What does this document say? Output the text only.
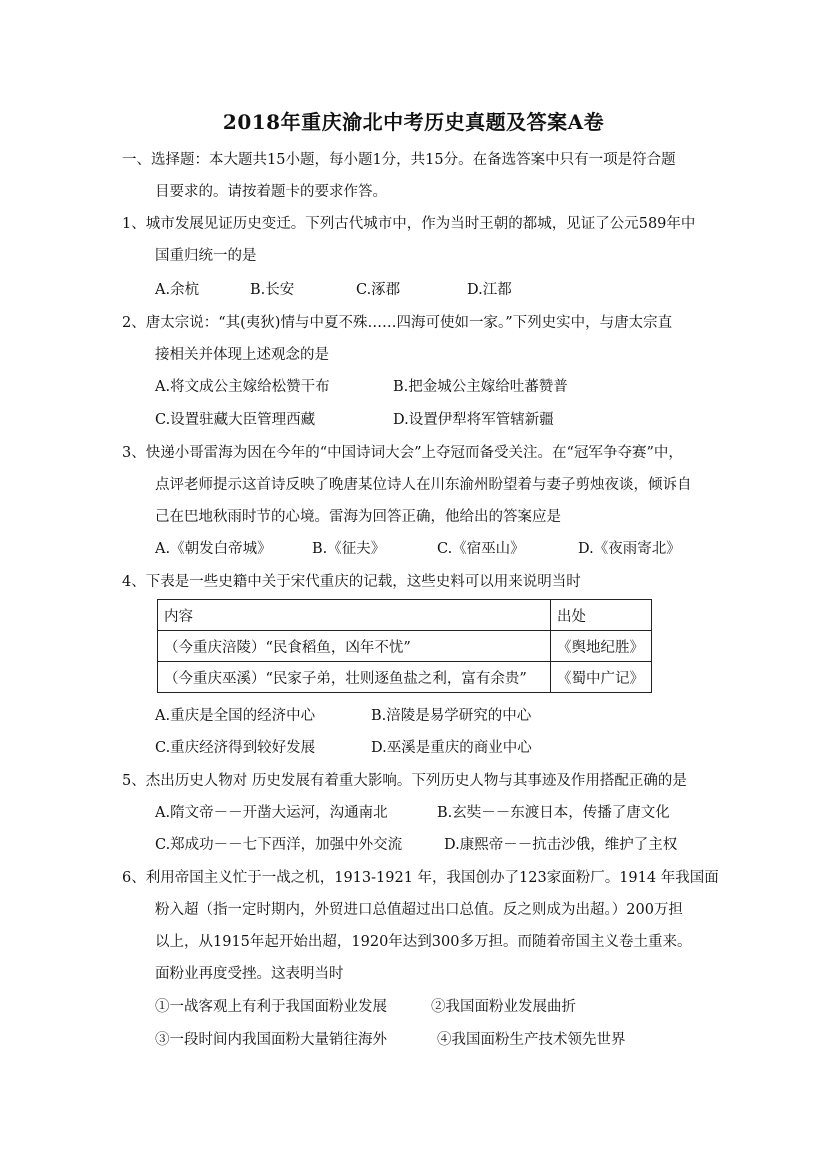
2018年重庆渝北中考历史真题及答案A卷
一、选择题：本大题共15小题，每小题1分，共15分。在备选答案中只有一项是符合题
目要求的。请按着题卡的要求作答。
1、城市发展见证历史变迁。下列古代城市中，作为当时王朝的都城，见证了公元589年中
国重归统一的是
A.余杭	B.长安	C.涿郡	D.江都
2、唐太宗说：“其(夷狄)情与中夏不殊……四海可使如一家。”下列史实中，与唐太宗直
接相关并体现上述观念的是
A.将文成公主嫁给松赞干布	B.把金城公主嫁给吐蕃赞普
C.设置驻藏大臣管理西藏	D.设置伊犁将军管辖新疆
3、快递小哥雷海为因在今年的“中国诗词大会”上夺冠而备受关注。在“冠军争夺赛”中，
点评老师提示这首诗反映了晚唐某位诗人在川东渝州盼望着与妻子剪烛夜谈，倾诉自
己在巴地秋雨时节的心境。雷海为回答正确，他给出的答案应是
A.《朝发白帝城》	B.《征夫》	C.《宿巫山》	D.《夜雨寄北》
4、下表是一些史籍中关于宋代重庆的记载，这些史料可以用来说明当时
内容	出处
（今重庆涪陵）“民食稻鱼，凶年不忧”	《舆地纪胜》
（今重庆巫溪）“民家子弟，壮则逐鱼盐之利，富有余贵”	《蜀中广记》
A.重庆是全国的经济中心	B.涪陵是易学研究的中心
C.重庆经济得到较好发展	D.巫溪是重庆的商业中心
5、杰出历史人物对 历史发展有着重大影响。下列历史人物与其事迹及作用搭配正确的是
A.隋文帝－－开凿大运河，沟通南北	B.玄奘－－东渡日本，传播了唐文化
C.郑成功－－七下西洋，加强中外交流	D.康熙帝－－抗击沙俄，维护了主权
6、利用帝国主义忙于一战之机，1913-1921 年，我国创办了123家面粉厂。1914 年我国面
粉入超（指一定时期内，外贸进口总值超过出口总值。反之则成为出超。）200万担
以上，从1915年起开始出超，1920年达到300多万担。而随着帝国主义卷土重来。
面粉业再度受挫。这表明当时
①一战客观上有利于我国面粉业发展	②我国面粉业发展曲折
③一段时间内我国面粉大量销往海外	④我国面粉生产技术领先世界
